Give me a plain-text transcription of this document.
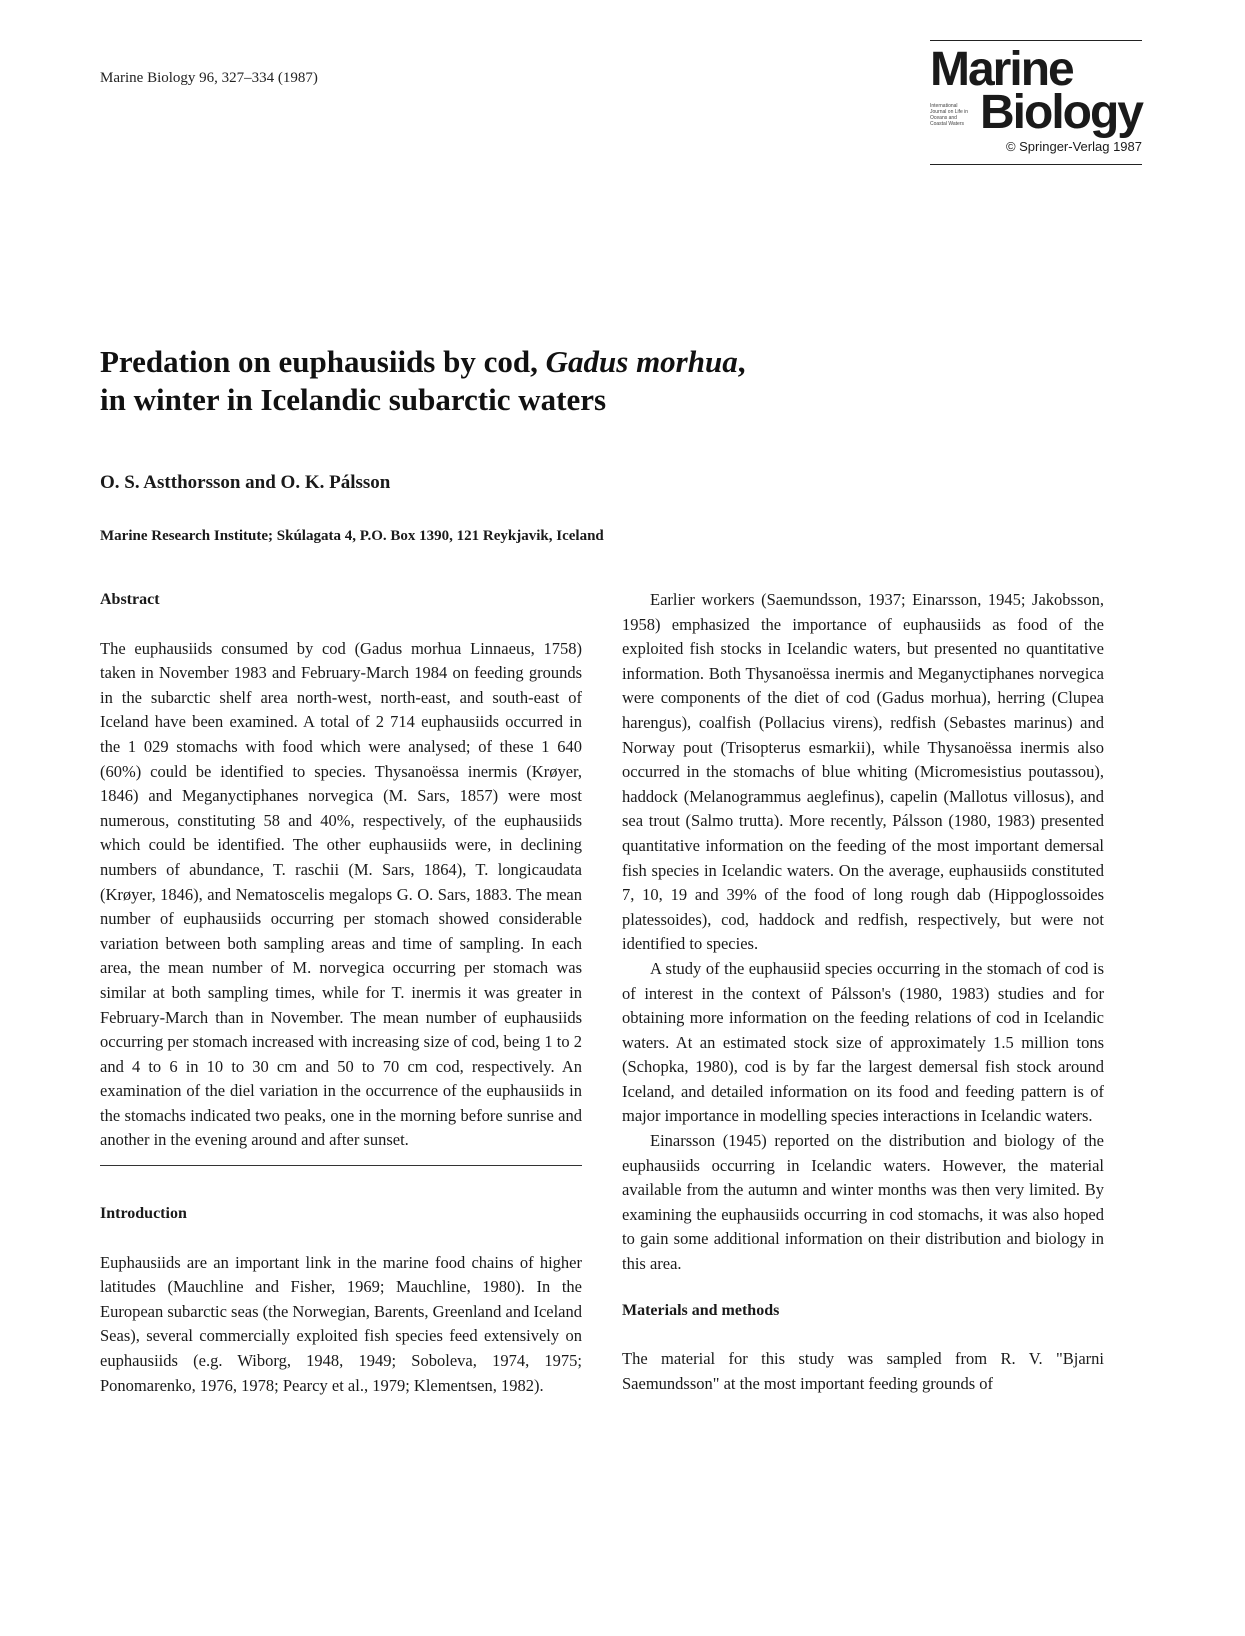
Marine Biology 96, 327–334 (1987)	Marine
International Journal on Life in Oceans and Coastal Waters Biology
© Springer-Verlag 1987
Predation on euphausiids by cod, Gadus morhua,
in winter in Icelandic subarctic waters
O. S. Astthorsson and O. K. Pálsson
Marine Research Institute; Skúlagata 4, P.O. Box 1390, 121 Reykjavik, Iceland
Abstract

The euphausiids consumed by cod (Gadus morhua Linnaeus, 1758) taken in November 1983 and February-March 1984 on feeding grounds in the subarctic shelf area north-west, north-east, and south-east of Iceland have been examined. A total of 2 714 euphausiids occurred in the 1 029 stomachs with food which were analysed; of these 1 640 (60%) could be identified to species. Thysanoëssa inermis (Krøyer, 1846) and Meganyctiphanes norvegica (M. Sars, 1857) were most numerous, constituting 58 and 40%, respectively, of the euphausiids which could be identified. The other euphausiids were, in declining numbers of abundance, T. raschii (M. Sars, 1864), T. longicaudata (Krøyer, 1846), and Nematoscelis megalops G. O. Sars, 1883. The mean number of euphausiids occurring per stomach showed considerable variation between both sampling areas and time of sampling. In each area, the mean number of M. norvegica occurring per stomach was similar at both sampling times, while for T. inermis it was greater in February-March than in November. The mean number of euphausiids occurring per stomach increased with increasing size of cod, being 1 to 2 and 4 to 6 in 10 to 30 cm and 50 to 70 cm cod, respectively. An examination of the diel variation in the occurrence of the euphausiids in the stomachs indicated two peaks, one in the morning before sunrise and another in the evening around and after sunset.

Introduction

Euphausiids are an important link in the marine food chains of higher latitudes (Mauchline and Fisher, 1969; Mauchline, 1980). In the European subarctic seas (the Norwegian, Barents, Greenland and Iceland Seas), several commercially exploited fish species feed extensively on euphausiids (e.g. Wiborg, 1948, 1949; Soboleva, 1974, 1975; Ponomarenko, 1976, 1978; Pearcy et al., 1979; Klementsen, 1982).

Earlier workers (Saemundsson, 1937; Einarsson, 1945; Jakobsson, 1958) emphasized the importance of euphausiids as food of the exploited fish stocks in Icelandic waters, but presented no quantitative information. Both Thysanoëssa inermis and Meganyctiphanes norvegica were components of the diet of cod (Gadus morhua), herring (Clupea harengus), coalfish (Pollacius virens), redfish (Sebastes marinus) and Norway pout (Trisopterus esmarkii), while Thysanoëssa inermis also occurred in the stomachs of blue whiting (Micromesistius poutassou), haddock (Melanogrammus aeglefinus), capelin (Mallotus villosus), and sea trout (Salmo trutta). More recently, Pálsson (1980, 1983) presented quantitative information on the feeding of the most important demersal fish species in Icelandic waters. On the average, euphausiids constituted 7, 10, 19 and 39% of the food of long rough dab (Hippoglossoides platessoides), cod, haddock and redfish, respectively, but were not identified to species.

A study of the euphausiid species occurring in the stomach of cod is of interest in the context of Pálsson's (1980, 1983) studies and for obtaining more information on the feeding relations of cod in Icelandic waters. At an estimated stock size of approximately 1.5 million tons (Schopka, 1980), cod is by far the largest demersal fish stock around Iceland, and detailed information on its food and feeding pattern is of major importance in modelling species interactions in Icelandic waters.

Einarsson (1945) reported on the distribution and biology of the euphausiids occurring in Icelandic waters. However, the material available from the autumn and winter months was then very limited. By examining the euphausiids occurring in cod stomachs, it was also hoped to gain some additional information on their distribution and biology in this area.

Materials and methods

The material for this study was sampled from R. V. "Bjarni Saemundsson" at the most important feeding grounds of
